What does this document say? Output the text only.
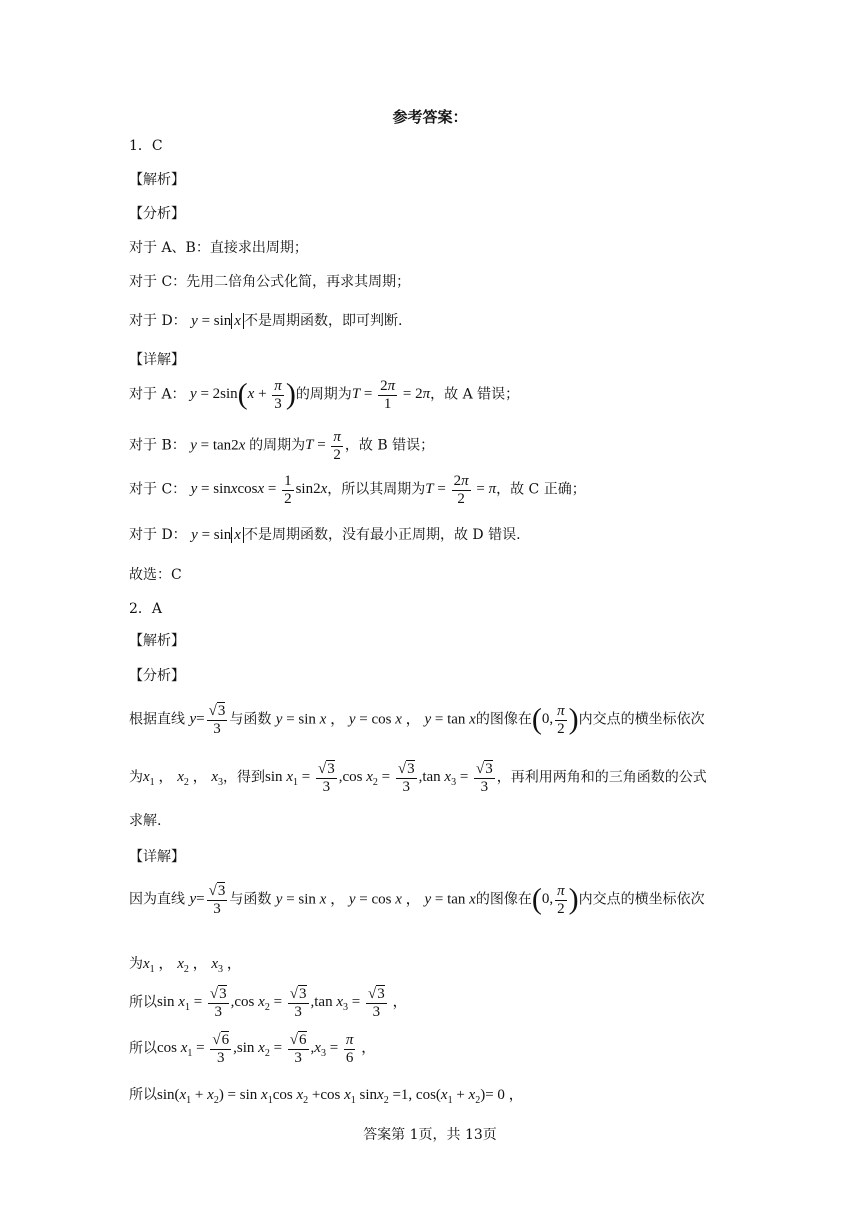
参考答案：
1．C
【解析】
【分析】
对于 A、B：直接求出周期；
对于 C：先用二倍角公式化简，再求其周期；
对于 D： y = sin x 不是周期函数，即可判断.
【详解】
对于 A： $y = 2\sin(x + \frac{\pi}{3}$ )的周期为$T = \frac{2\pi}{1} = 2\pi$，故 A 错误；
对于 B： y = tan2x 的周期为$T = \frac{\pi}{2}$ ，故 B 错误；
对于 C： y = sinxcosx = $\frac{1}{2} \sin 2x$，所以其周期为$T = \frac{2\pi}{2} = \pi$，故 C 正确；
对于 D： y = sin x 不是周期函数，没有最小正周期，故 D 错误.
故选：C
2．A
【解析】
【分析】
根据直线 $y= \frac{√3}{3}$ 与函数 y = sin x ， y = cos x ， y = tan x的图像在(0, $\frac{\pi}{2}$ )内交点的横坐标依次
为$x_1$ ， $x_2$ ， $x_3$，得到$\sin x_1 = \frac{√3}{3} ,\cos$ $x_2 = \frac{√3}{3} ,\tan$ $x_3 = \frac{√3}{3}$ ，再利用两角和的三角函数的公式
求解.
【详解】
因为直线 $y= \frac{√3}{3}$ 与函数 y = sin x ， y = cos x ， y = tan x的图像在(0, $\frac{\pi}{2}$ )内交点的横坐标依次
为$x_1$ ， $x_2$ ， $x_3$ ，
所以$\sin x_1 = \frac{√3}{3} ,\cos$ $x_2 = \frac{√3}{3} ,\tan$ $x_3 = \frac{√3}{3}$ ，
所以$\cos x_1 = \frac{√6}{3} ,\sin$ $x_2 = \frac{√6}{3} ,x_3 = \frac{\pi}{6}$ ，
所以$\sin(x_1 + x_2) = \sin x_1\cos$ $x_2 +\cos$ $x_1$ sinx$_2$ =1, $\cos(x_1 + x_2)= 0$ ，
答案第 1页，共 13页
